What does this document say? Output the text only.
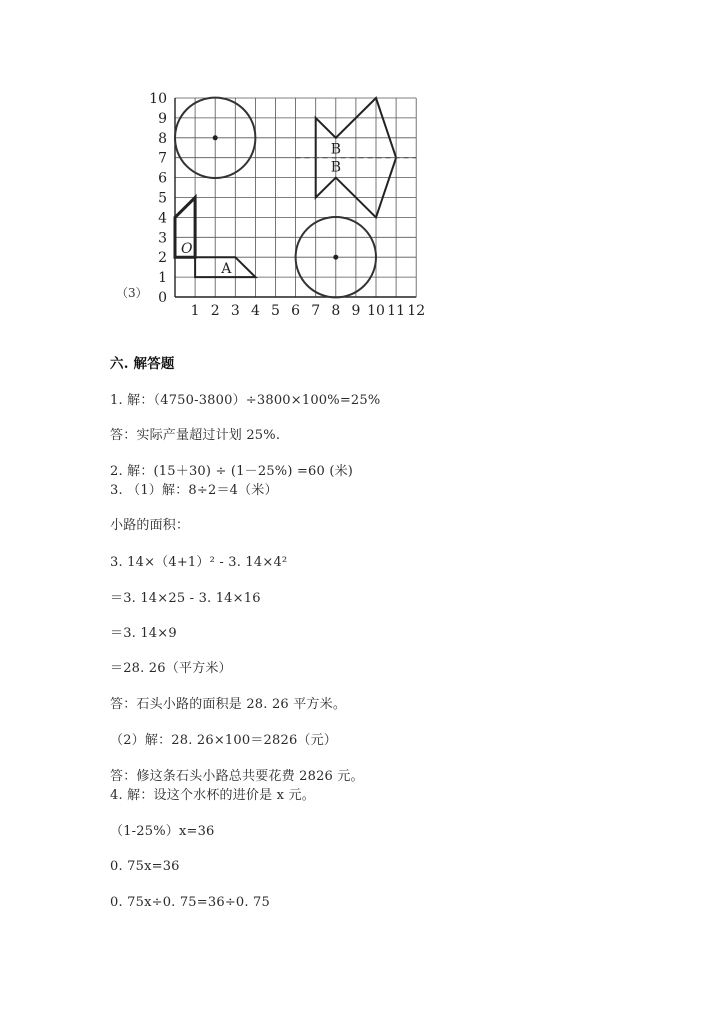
O
A
B
B
1 2 3 4 5 6 7 8 9 10 11 12
0
1
2
3
4
5
6
7
8
9
10
（3）
六. 解答题
1. 解：（4750-3800）÷3800×100%=25%
答：实际产量超过计划 25%.
2. 解：(15＋30) ÷ (1－25%) =60 (米)
3. （1）解：8÷2＝4（米）
小路的面积：
3. 14×（4+1）² - 3. 14×4²
＝3. 14×25 - 3. 14×16
＝3. 14×9
＝28. 26（平方米）
答：石头小路的面积是 28. 26 平方米。
（2）解：28. 26×100＝2826（元）
答：修这条石头小路总共要花费 2826 元。
4. 解：设这个水杯的进价是 x 元。
（1-25%）x=36
0. 75x=36
0. 75x÷0. 75=36÷0. 75
